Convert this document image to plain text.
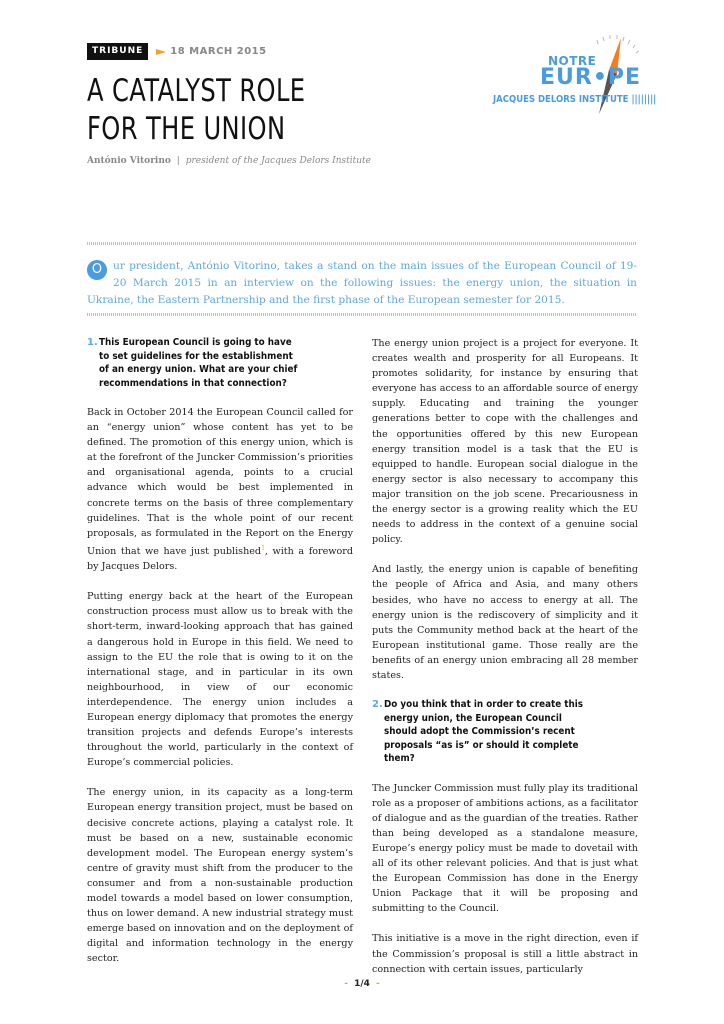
TRIBUNE	18 MARCH 2015
A CATALYST ROLE
FOR THE UNION
António Vitorino | president of the Jacques Delors Institute
NOTRE
EUR•PE
JACQUES DELORS INSTITUTE ||||||||
O	ur president, António Vitorino, takes a stand on the main issues of the European Council of 19-20 March 2015 in an interview on the following issues: the energy union, the situation in Ukraine, the Eastern Partnership and the first phase of the European semester for 2015.
1. This European Council is going to have to set guidelines for the establishment of an energy union. What are your chief recommendations in that connection?

Back in October 2014 the European Council called for an “energy union” whose content has yet to be defined. The promotion of this energy union, which is at the forefront of the Juncker Commission’s priorities and organisational agenda, points to a crucial advance which would be best implemented in concrete terms on the basis of three complementary guidelines. That is the whole point of our recent proposals, as formulated in the Report on the Energy Union that we have just published$^1$, with a foreword by Jacques Delors.

Putting energy back at the heart of the European construction process must allow us to break with the short-term, inward-looking approach that has gained a dangerous hold in Europe in this field. We need to assign to the EU the role that is owing to it on the international stage, and in particular in its own neighbourhood, in view of our economic interdependence. The energy union includes a European energy diplomacy that promotes the energy transition projects and defends Europe’s interests throughout the world, particularly in the context of Europe’s commercial policies.

The energy union, in its capacity as a long-term European energy transition project, must be based on decisive concrete actions, playing a catalyst role. It must be based on a new, sustainable economic development model. The European energy system’s centre of gravity must shift from the producer to the consumer and from a non-sustainable production model towards a model based on lower consumption, thus on lower demand. A new industrial strategy must emerge based on innovation and on the deployment of digital and information technology in the energy sector.

The energy union project is a project for everyone. It creates wealth and prosperity for all Europeans. It promotes solidarity, for instance by ensuring that everyone has access to an affordable source of energy supply. Educating and training the younger generations better to cope with the challenges and the opportunities offered by this new European energy transition model is a task that the EU is equipped to handle. European social dialogue in the energy sector is also necessary to accompany this major transition on the job scene. Precariousness in the energy sector is a growing reality which the EU needs to address in the context of a genuine social policy.

And lastly, the energy union is capable of benefiting the people of Africa and Asia, and many others besides, who have no access to energy at all. The energy union is the rediscovery of simplicity and it puts the Community method back at the heart of the European institutional game. Those really are the benefits of an energy union embracing all 28 member states.

2. Do you think that in order to create this energy union, the European Council should adopt the Commission’s recent proposals “as is” or should it complete them?

The Juncker Commission must fully play its traditional role as a proposer of ambitions actions, as a facilitator of dialogue and as the guardian of the treaties. Rather than being developed as a standalone measure, Europe’s energy policy must be made to dovetail with all of its other relevant policies. And that is just what the European Commission has done in the Energy Union Package that it will be proposing and submitting to the Council.

This initiative is a move in the right direction, even if the Commission’s proposal is still a little abstract in connection with certain issues, particularly

- 1/4 -
